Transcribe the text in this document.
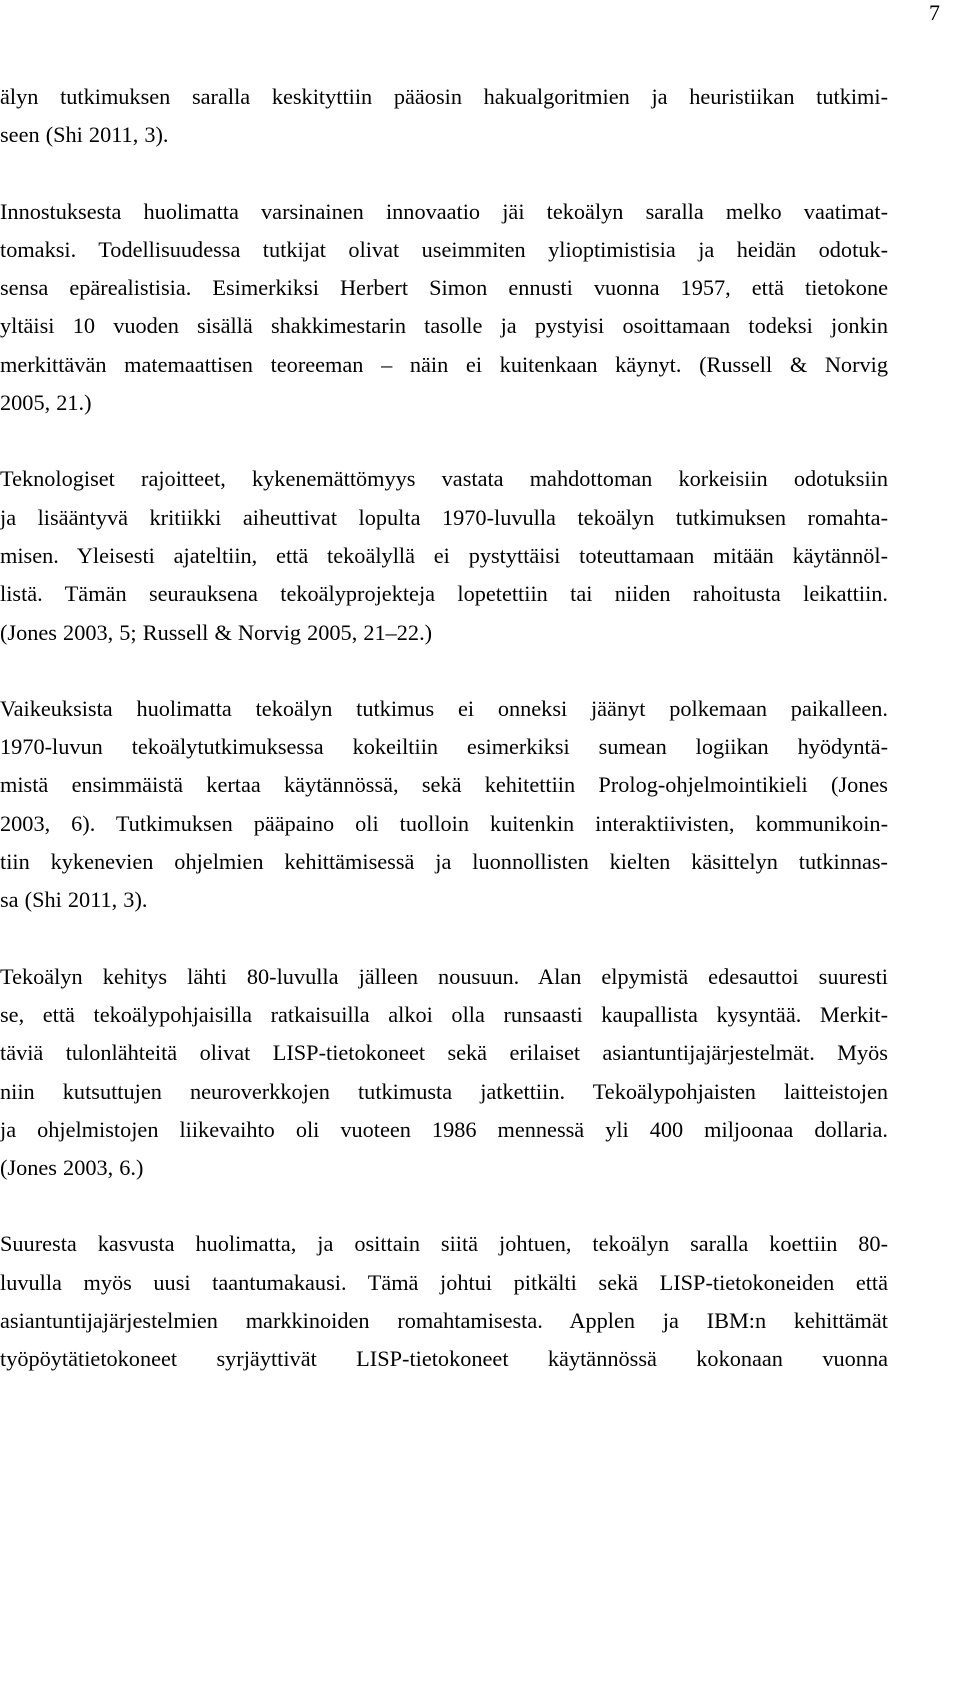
7

älyn tutkimuksen saralla keskityttiin pääosin hakualgoritmien ja heuristiikan tutkimi-
seen (Shi 2011, 3).

Innostuksesta huolimatta varsinainen innovaatio jäi tekoälyn saralla melko vaatimat-
tomaksi. Todellisuudessa tutkijat olivat useimmiten ylioptimistisia ja heidän odotuk-
sensa epärealistisia. Esimerkiksi Herbert Simon ennusti vuonna 1957, että tietokone
yltäisi 10 vuoden sisällä shakkimestarin tasolle ja pystyisi osoittamaan todeksi jonkin
merkittävän matemaattisen teoreeman – näin ei kuitenkaan käynyt. (Russell & Norvig
2005, 21.)

Teknologiset rajoitteet, kykenemättömyys vastata mahdottoman korkeisiin odotuksiin
ja lisääntyvä kritiikki aiheuttivat lopulta 1970-luvulla tekoälyn tutkimuksen romahta-
misen. Yleisesti ajateltiin, että tekoälyllä ei pystyttäisi toteuttamaan mitään käytännöl-
listä. Tämän seurauksena tekoälyprojekteja lopetettiin tai niiden rahoitusta leikattiin.
(Jones 2003, 5; Russell & Norvig 2005, 21–22.)

Vaikeuksista huolimatta tekoälyn tutkimus ei onneksi jäänyt polkemaan paikalleen.
1970-luvun tekoälytutkimuksessa kokeiltiin esimerkiksi sumean logiikan hyödyntä-
mistä ensimmäistä kertaa käytännössä, sekä kehitettiin Prolog-ohjelmointikieli (Jones
2003, 6). Tutkimuksen pääpaino oli tuolloin kuitenkin interaktiivisten, kommunikoin-
tiin kykenevien ohjelmien kehittämisessä ja luonnollisten kielten käsittelyn tutkinnas-
sa (Shi 2011, 3).

Tekoälyn kehitys lähti 80-luvulla jälleen nousuun. Alan elpymistä edesauttoi suuresti
se, että tekoälypohjaisilla ratkaisuilla alkoi olla runsaasti kaupallista kysyntää. Merkit-
täviä tulonlähteitä olivat LISP-tietokoneet sekä erilaiset asiantuntijajärjestelmät. Myös
niin kutsuttujen neuroverkkojen tutkimusta jatkettiin. Tekoälypohjaisten laitteistojen
ja ohjelmistojen liikevaihto oli vuoteen 1986 mennessä yli 400 miljoonaa dollaria.
(Jones 2003, 6.)

Suuresta kasvusta huolimatta, ja osittain siitä johtuen, tekoälyn saralla koettiin 80-
luvulla myös uusi taantumakausi. Tämä johtui pitkälti sekä LISP-tietokoneiden että
asiantuntijajärjestelmien markkinoiden romahtamisesta. Applen ja IBM:n kehittämät
työpöytätietokoneet syrjäyttivät LISP-tietokoneet käytännössä kokonaan vuonna
